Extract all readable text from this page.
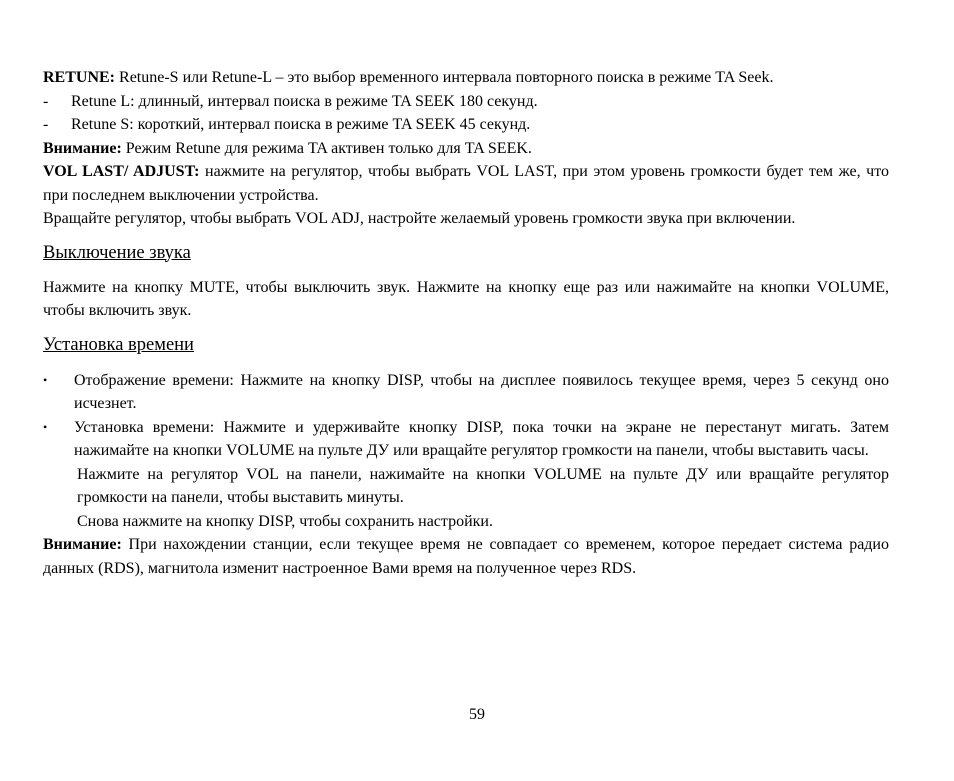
RETUNE: Retune-S или Retune-L – это выбор временного интервала повторного поиска в режиме TA Seek.

- Retune L: длинный, интервал поиска в режиме TA SEEK 180 секунд.

- Retune S: короткий, интервал поиска в режиме TA SEEK 45 секунд.

Внимание: Режим Retune для режима TA активен только для TA SEEK.

VOL LAST/ ADJUST: нажмите на регулятор, чтобы выбрать VOL LAST, при этом уровень громкости будет тем же, что при последнем выключении устройства.

Вращайте регулятор, чтобы выбрать VOL ADJ, настройте желаемый уровень громкости звука при включении.

Выключение звука

Нажмите на кнопку MUTE, чтобы выключить звук. Нажмите на кнопку еще раз или нажимайте на кнопки VOLUME, чтобы включить звук.

Установка времени

• Отображение времени: Нажмите на кнопку DISP, чтобы на дисплее появилось текущее время, через 5 секунд оно исчезнет.

• Установка времени: Нажмите и удерживайте кнопку DISP, пока точки на экране не перестанут мигать. Затем нажимайте на кнопки VOLUME на пульте ДУ или вращайте регулятор громкости на панели, чтобы выставить часы.

Нажмите на регулятор VOL на панели, нажимайте на кнопки VOLUME на пульте ДУ или вращайте регулятор громкости на панели, чтобы выставить минуты.

Снова нажмите на кнопку DISP, чтобы сохранить настройки.

Внимание: При нахождении станции, если текущее время не совпадает со временем, которое передает система радио данных (RDS), магнитола изменит настроенное Вами время на полученное через RDS.

59
